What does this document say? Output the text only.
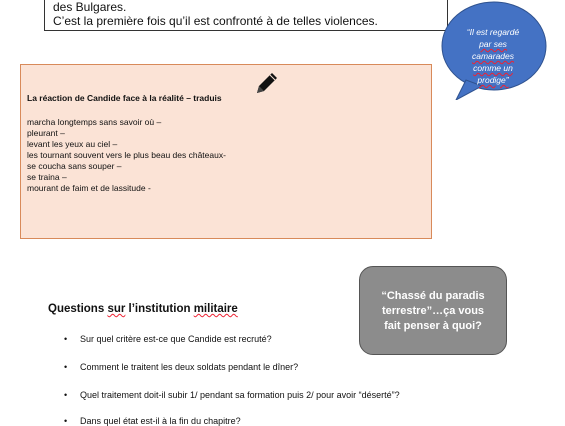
des Bulgares.
C’est la première fois qu’il est confronté à de telles violences.
“Il est regardé
par ses
camarades
comme un
prodige”
La réaction de Candide face à la réalité – traduis
marcha longtemps sans savoir où –
pleurant –
levant les yeux au ciel –
les tournant souvent vers le plus beau des châteaux-
se coucha sans souper –
se traina –
mourant de faim et de lassitude -
“Chassé du paradis
terrestre”…ça vous
fait penser à quoi?
Questions sur l’institution militaire
• Sur quel critère est-ce que Candide est recruté?
• Comment le traitent les deux soldats pendant le dîner?
• Quel traitement doit-il subir 1/ pendant sa formation puis 2/ pour avoir “déserté”?
• Dans quel état est-il à la fin du chapitre?
